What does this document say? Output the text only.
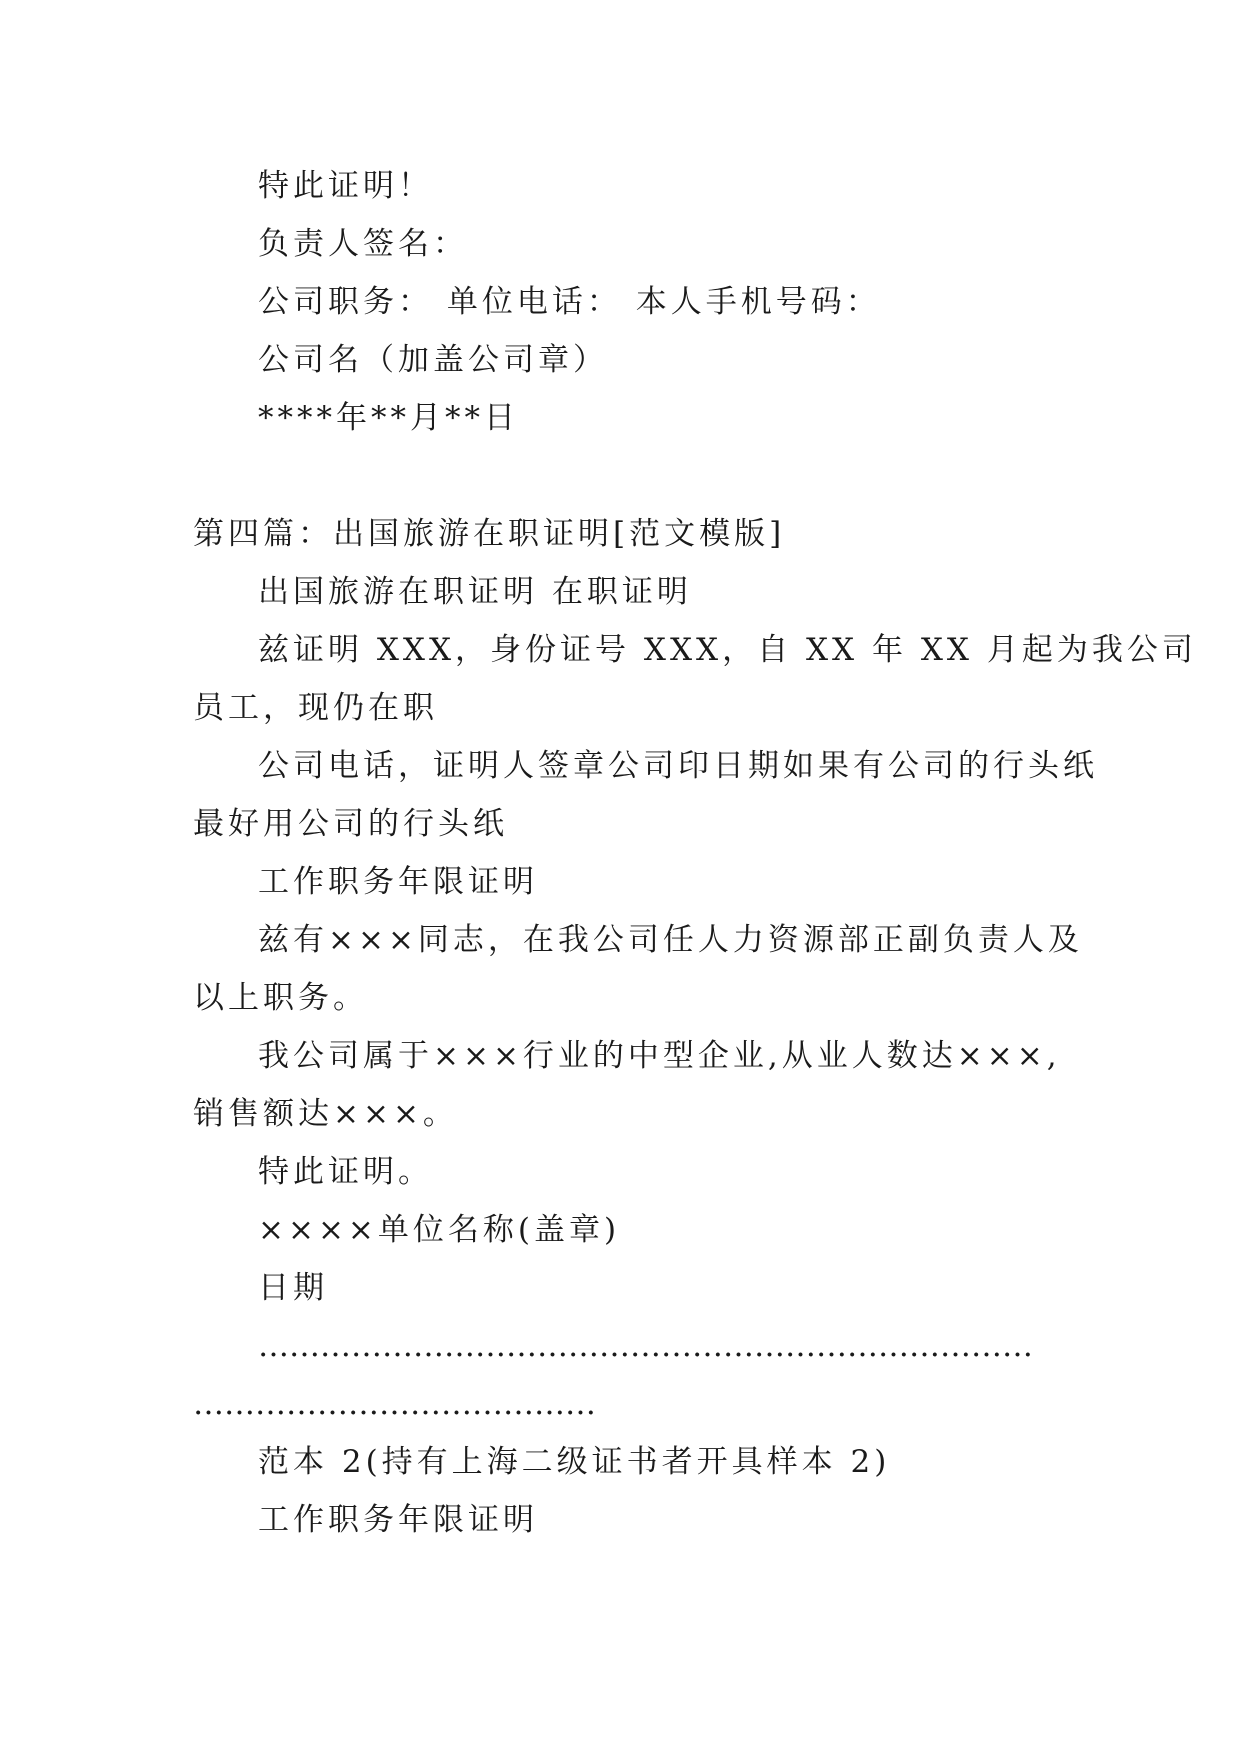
特此证明！
负责人签名：
公司职务： 单位电话： 本人手机号码：
公司名（加盖公司章）
****年**月**日
第四篇：出国旅游在职证明[范文模版]
出国旅游在职证明 在职证明
兹证明 XXX，身份证号 XXX，自 XX 年 XX 月起为我公司
员工，现仍在职
公司电话，证明人签章公司印日期如果有公司的行头纸
最好用公司的行头纸
工作职务年限证明
兹有×××同志，在我公司任人力资源部正副负责人及
以上职务。
我公司属于×××行业的中型企业,从业人数达×××,
销售额达×××。
特此证明。
××××单位名称(盖章)
日期
…………………………………………………………………
…………………………………
范本 2(持有上海二级证书者开具样本 2)
工作职务年限证明
